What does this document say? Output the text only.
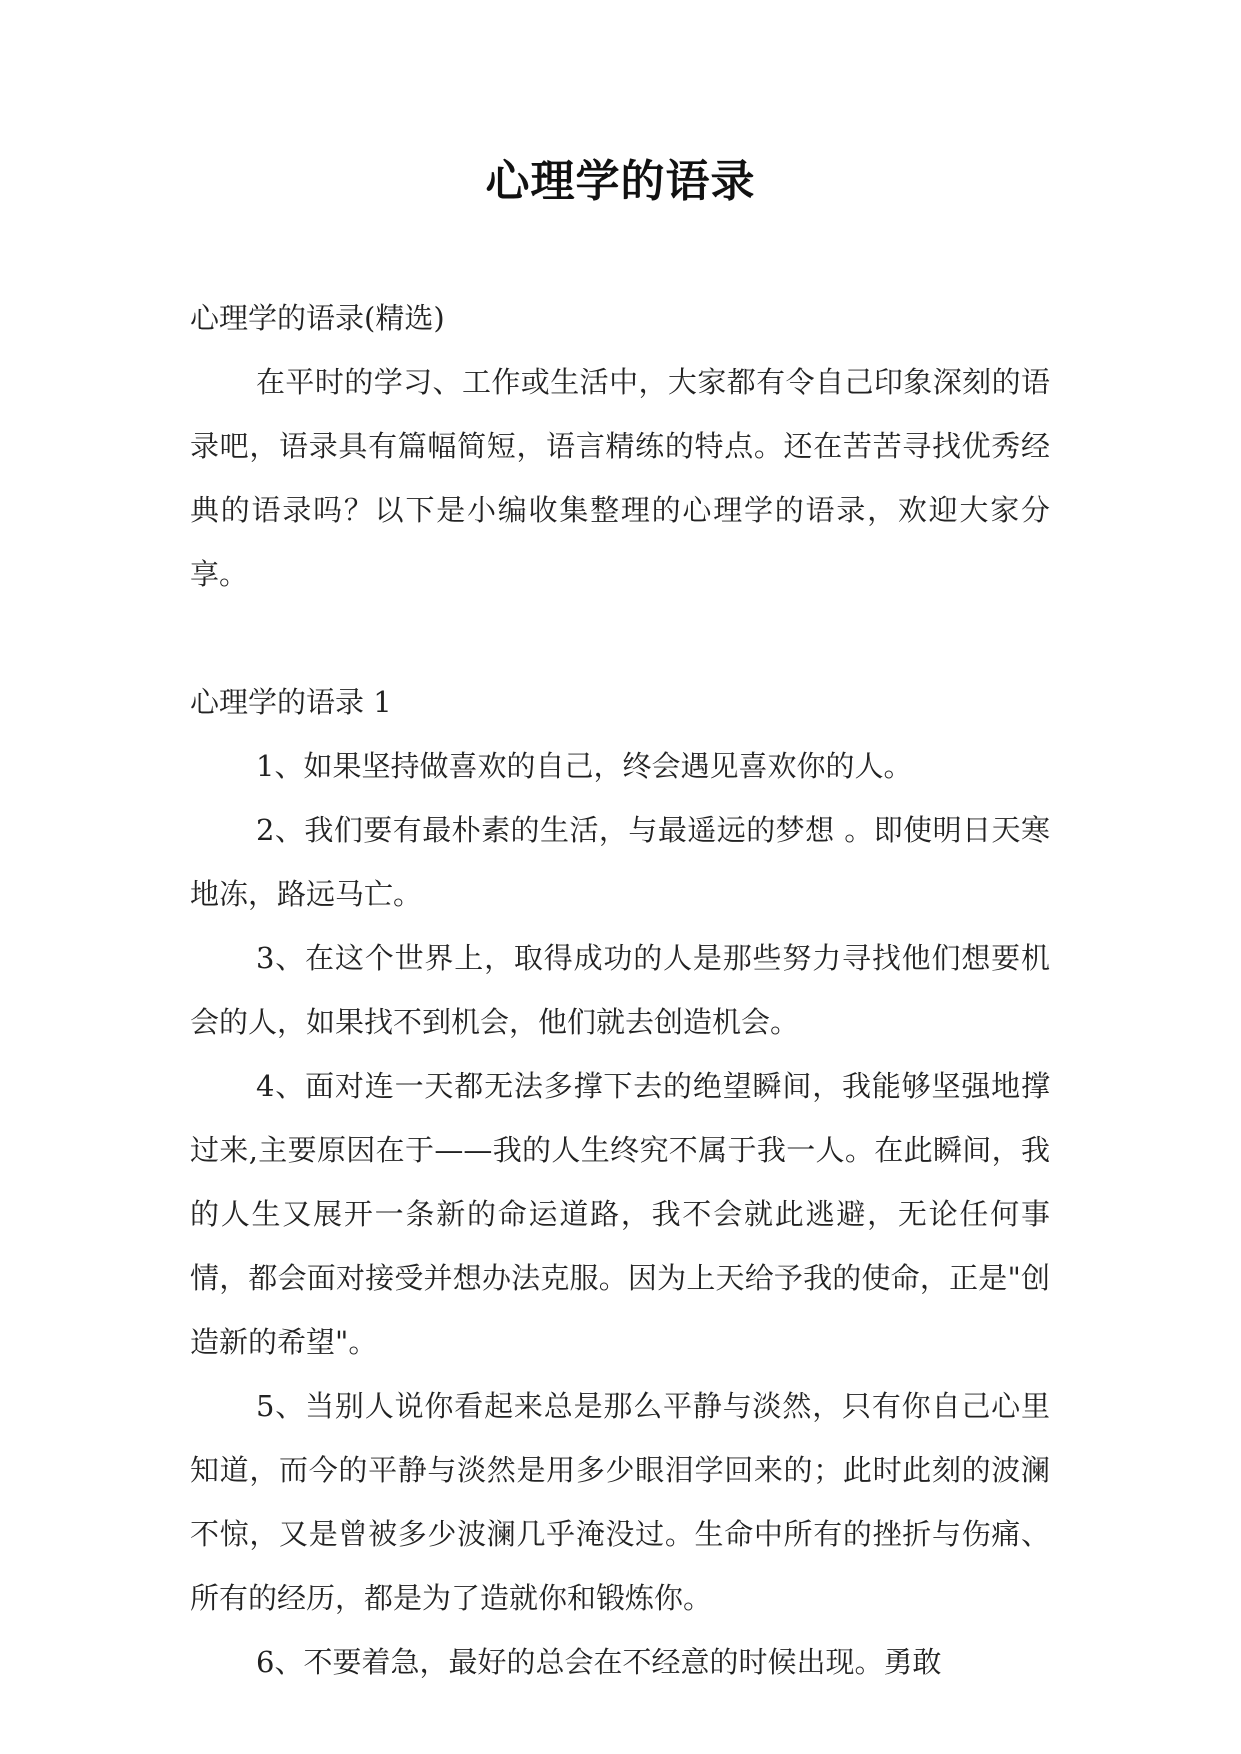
心理学的语录

心理学的语录(精选)

在平时的学习、工作或生活中，大家都有令自己印象深刻的语录吧，语录具有篇幅简短，语言精练的特点。还在苦苦寻找优秀经典的语录吗？以下是小编收集整理的心理学的语录，欢迎大家分享。

心理学的语录 1

1、如果坚持做喜欢的自己，终会遇见喜欢你的人。

2、我们要有最朴素的生活，与最遥远的梦想 。即使明日天寒地冻，路远马亡。

3、在这个世界上，取得成功的人是那些努力寻找他们想要机会的人，如果找不到机会，他们就去创造机会。

4、面对连一天都无法多撑下去的绝望瞬间，我能够坚强地撑过来,主要原因在于——我的人生终究不属于我一人。在此瞬间，我的人生又展开一条新的命运道路，我不会就此逃避，无论任何事情，都会面对接受并想办法克服。因为上天给予我的使命，正是"创造新的希望"。

5、当别人说你看起来总是那么平静与淡然，只有你自己心里知道，而今的平静与淡然是用多少眼泪学回来的；此时此刻的波澜不惊，又是曾被多少波澜几乎淹没过。生命中所有的挫折与伤痛、所有的经历，都是为了造就你和锻炼你。

6、不要着急，最好的总会在不经意的时候出现。勇敢
